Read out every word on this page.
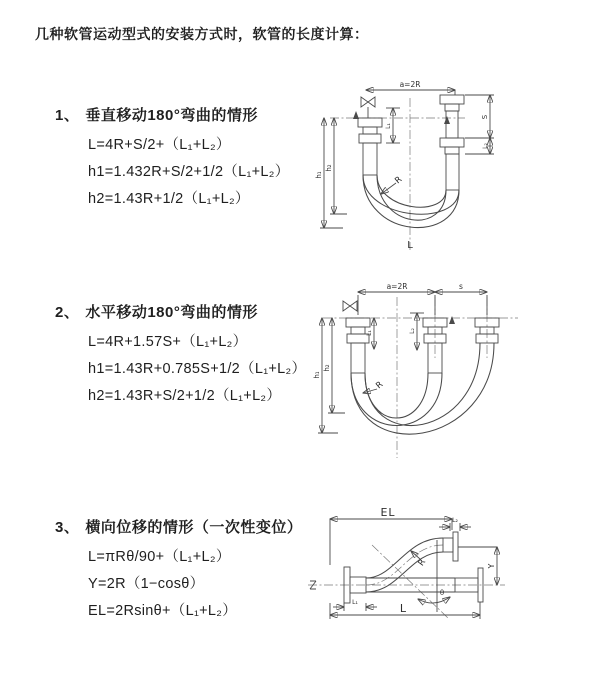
几种软管运动型式的安装方式时，软管的长度计算：
1、 垂直移动180°弯曲的情形
L=4R+S/2+（L₁+L₂）
h1=1.432R+S/2+1/2（L₁+L₂）
h2=1.43R+1/2（L₁+L₂）
2、 水平移动180°弯曲的情形
L=4R+1.57S+（L₁+L₂）
h1=1.43R+0.785S+1/2（L₁+L₂）
h2=1.43R+S/2+1/2（L₁+L₂）
3、 横向位移的情形（一次性变位）
L=πRθ/90+（L₁+L₂）
Y=2R（1−cosθ）
EL=2Rsinθ+（L₁+L₂）
a=2R
h₁
h₂
L₁
S
L₂
R
L
a=2R	s
h₁
h₂
L₁	L₂
R
EL
L₂
Y
R
θ
L
L₁
